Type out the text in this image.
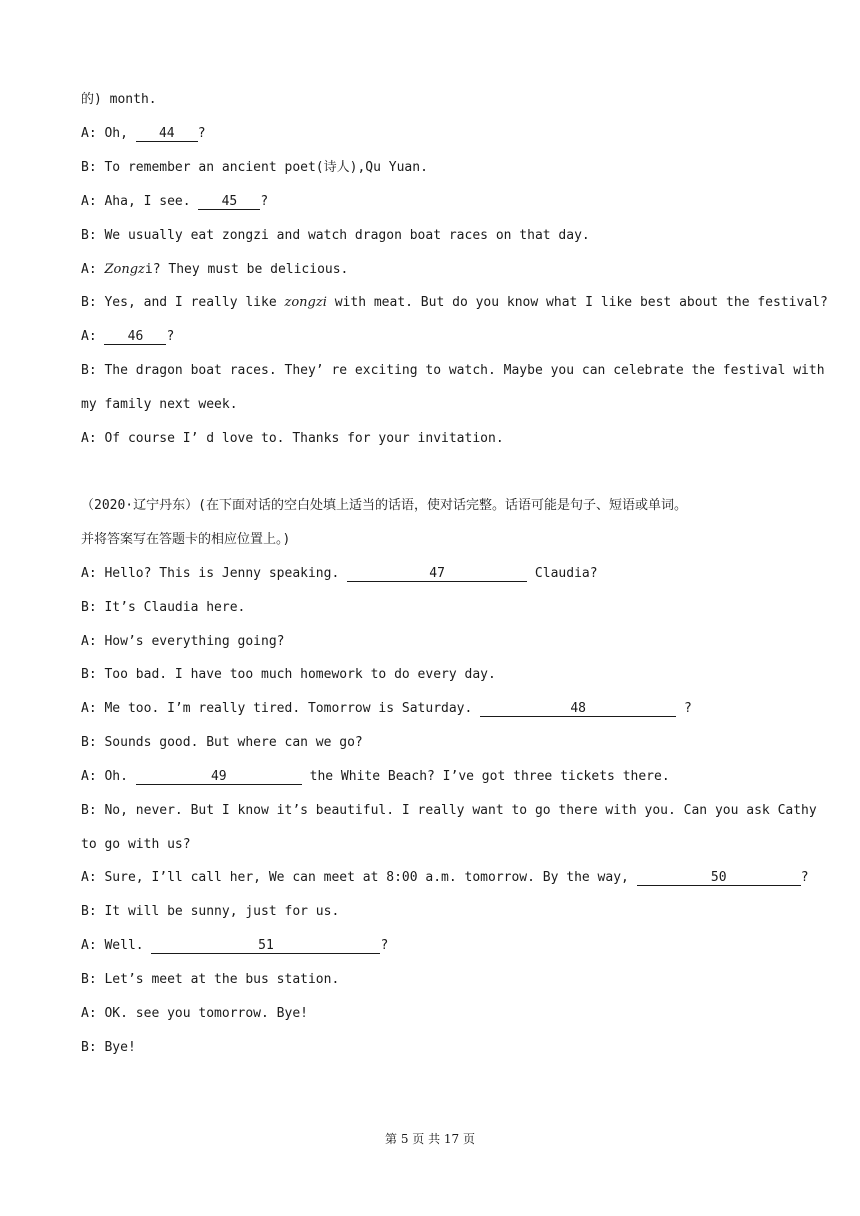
的) month.
A: Oh, 44 ?
B: To remember an ancient poet(诗人),Qu Yuan.
A: Aha, I see. 45 ?
B: We usually eat zongzi and watch dragon boat races on that day.
A: Zongzi? They must be delicious.
B: Yes, and I really like zongzi with meat. But do you know what I like best about the festival?
A: 46 ?
B: The dragon boat races. They’ re exciting to watch. Maybe you can celebrate the festival with
my family next week.
A: Of course I’ d love to. Thanks for your invitation.
（2020·辽宁丹东）(在下面对话的空白处填上适当的话语，使对话完整。话语可能是句子、短语或单词。
并将答案写在答题卡的相应位置上。)
A: Hello? This is Jenny speaking.	47	Claudia?
B: It’s Claudia here.
A: How’s everything going?
B: Too bad. I have too much homework to do every day.
A: Me too. I’m really tired. Tomorrow is Saturday.	48	?
B: Sounds good. But where can we go?
A: Oh.	49	the White Beach? I’ve got three tickets there.
B: No, never. But I know it’s beautiful. I really want to go there with you. Can you ask Cathy
to go with us?
A: Sure, I’ll call her, We can meet at 8:00 a.m. tomorrow. By the way,	50	?
B: It will be sunny, just for us.
A: Well.	51	?
B: Let’s meet at the bus station.
A: OK. see you tomorrow. Bye!
B: Bye!
第 5 页 共 17 页
